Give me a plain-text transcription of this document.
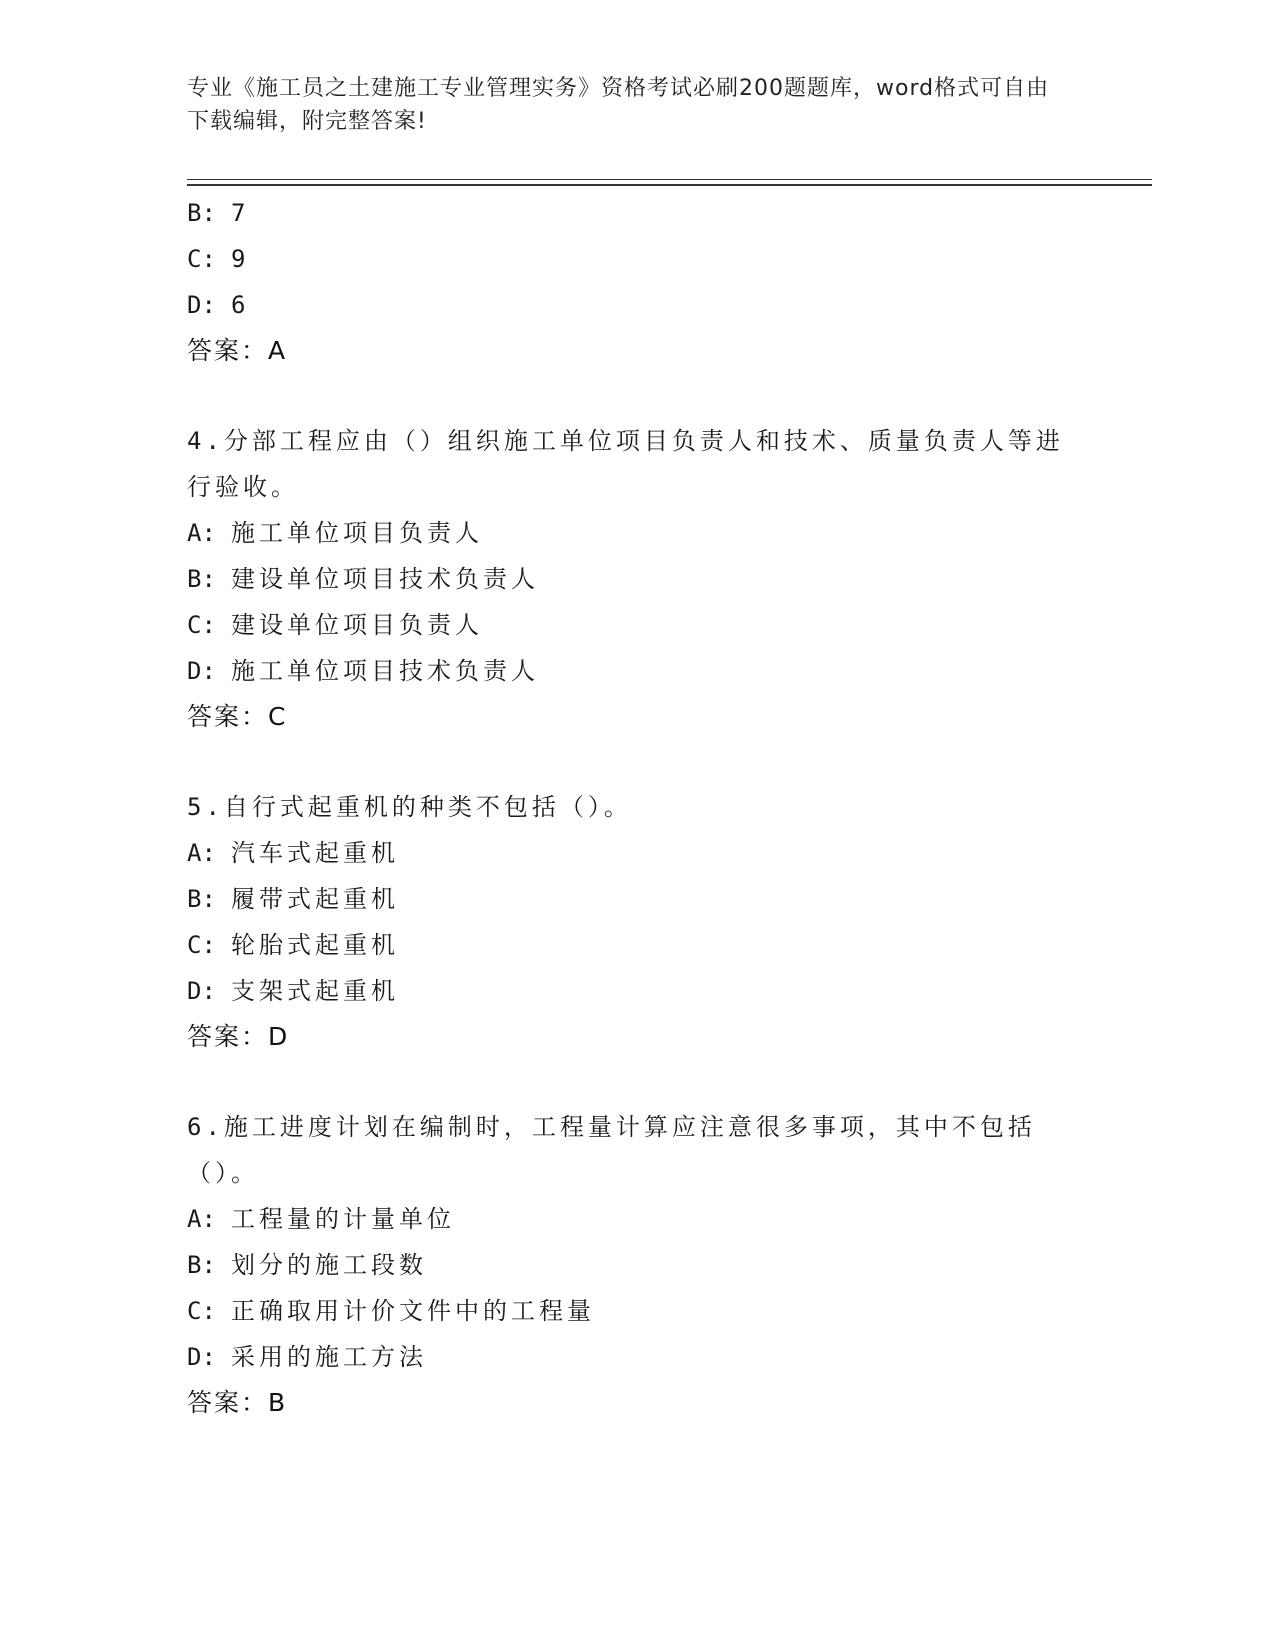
专业《施工员之土建施工专业管理实务》资格考试必刷200题题库，word格式可自由下载编辑，附完整答案!
B: 7
C: 9
D: 6
答案：A
4.分部工程应由（）组织施工单位项目负责人和技术、质量负责人等进行验收。
A: 施工单位项目负责人
B: 建设单位项目技术负责人
C: 建设单位项目负责人
D: 施工单位项目技术负责人
答案：C
5.自行式起重机的种类不包括（）。
A: 汽车式起重机
B: 履带式起重机
C: 轮胎式起重机
D: 支架式起重机
答案：D
6.施工进度计划在编制时，工程量计算应注意很多事项，其中不包括（）。
A: 工程量的计量单位
B: 划分的施工段数
C: 正确取用计价文件中的工程量
D: 采用的施工方法
答案：B
